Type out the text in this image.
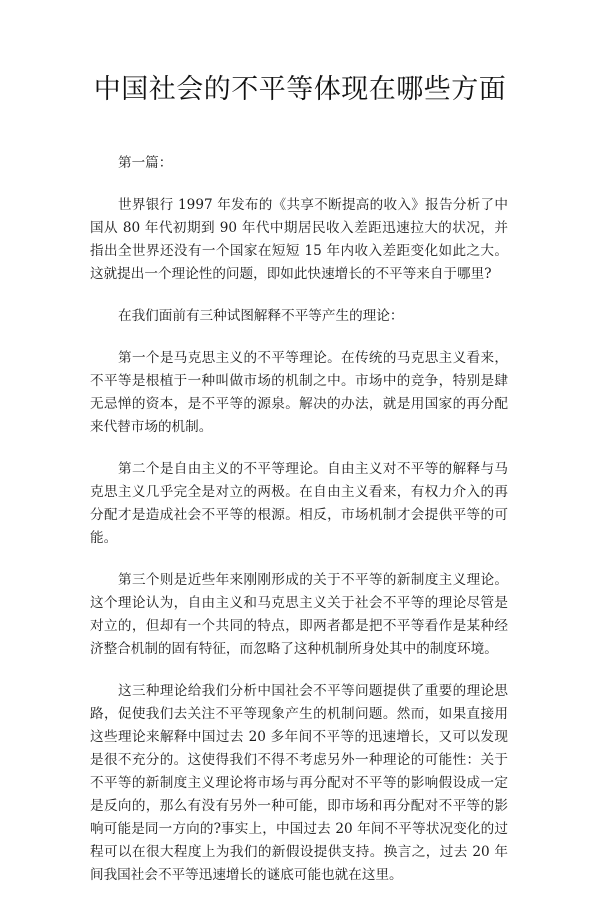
中国社会的不平等体现在哪些方面

第一篇：

世界银行 1997 年发布的《共享不断提高的收入》报告分析了中国从 80 年代初期到 90 年代中期居民收入差距迅速拉大的状况，并指出全世界还没有一个国家在短短 15 年内收入差距变化如此之大。这就提出一个理论性的问题，即如此快速增长的不平等来自于哪里?

在我们面前有三种试图解释不平等产生的理论：

第一个是马克思主义的不平等理论。在传统的马克思主义看来，不平等是根植于一种叫做市场的机制之中。市场中的竞争，特别是肆无忌惮的资本，是不平等的源泉。解决的办法，就是用国家的再分配来代替市场的机制。

第二个是自由主义的不平等理论。自由主义对不平等的解释与马克思主义几乎完全是对立的两极。在自由主义看来，有权力介入的再分配才是造成社会不平等的根源。相反，市场机制才会提供平等的可能。

第三个则是近些年来刚刚形成的关于不平等的新制度主义理论。这个理论认为，自由主义和马克思主义关于社会不平等的理论尽管是对立的，但却有一个共同的特点，即两者都是把不平等看作是某种经济整合机制的固有特征，而忽略了这种机制所身处其中的制度环境。

这三种理论给我们分析中国社会不平等问题提供了重要的理论思路，促使我们去关注不平等现象产生的机制问题。然而，如果直接用这些理论来解释中国过去 20 多年间不平等的迅速增长，又可以发现是很不充分的。这使得我们不得不考虑另外一种理论的可能性：关于不平等的新制度主义理论将市场与再分配对不平等的影响假设成一定是反向的，那么有没有另外一种可能，即市场和再分配对不平等的影响可能是同一方向的?事实上，中国过去 20 年间不平等状况变化的过程可以在很大程度上为我们的新假设提供支持。换言之，过去 20 年间我国社会不平等迅速增长的谜底可能也就在这里。
